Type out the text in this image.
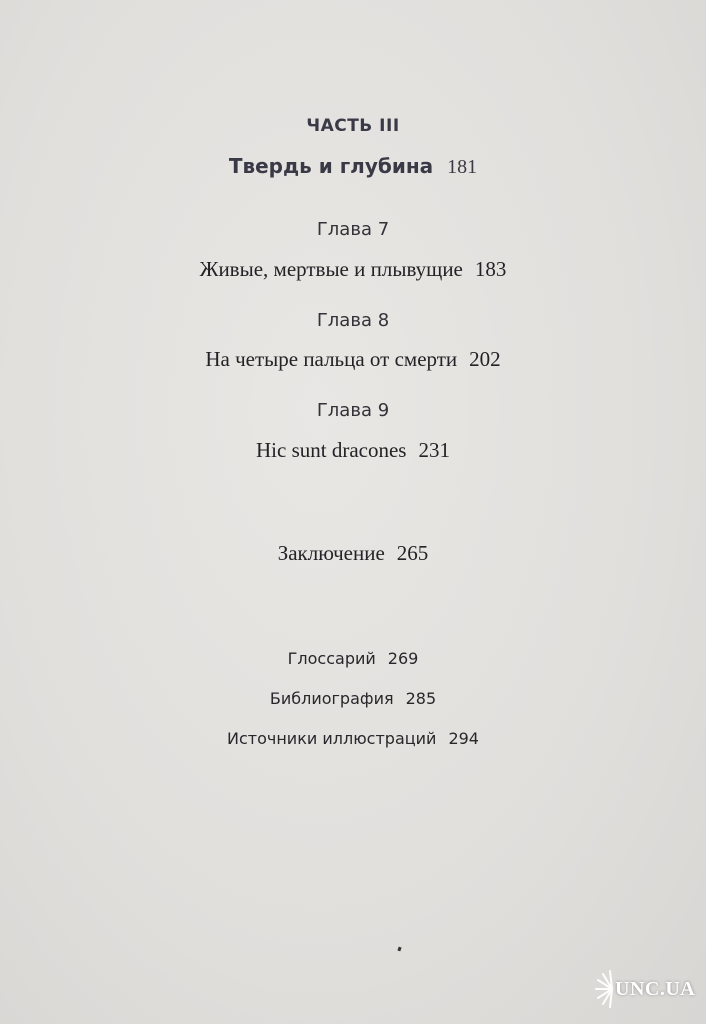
ЧАСТЬ III
Твердь и глубина 181
Глава 7
Живые, мертвые и плывущие 183
Глава 8
На четыре пальца от смерти 202
Глава 9
Hic sunt dracones 231
Заключение 265
Глоссарий 269
Библиография 285
Источники иллюстраций 294
UNC.UA
